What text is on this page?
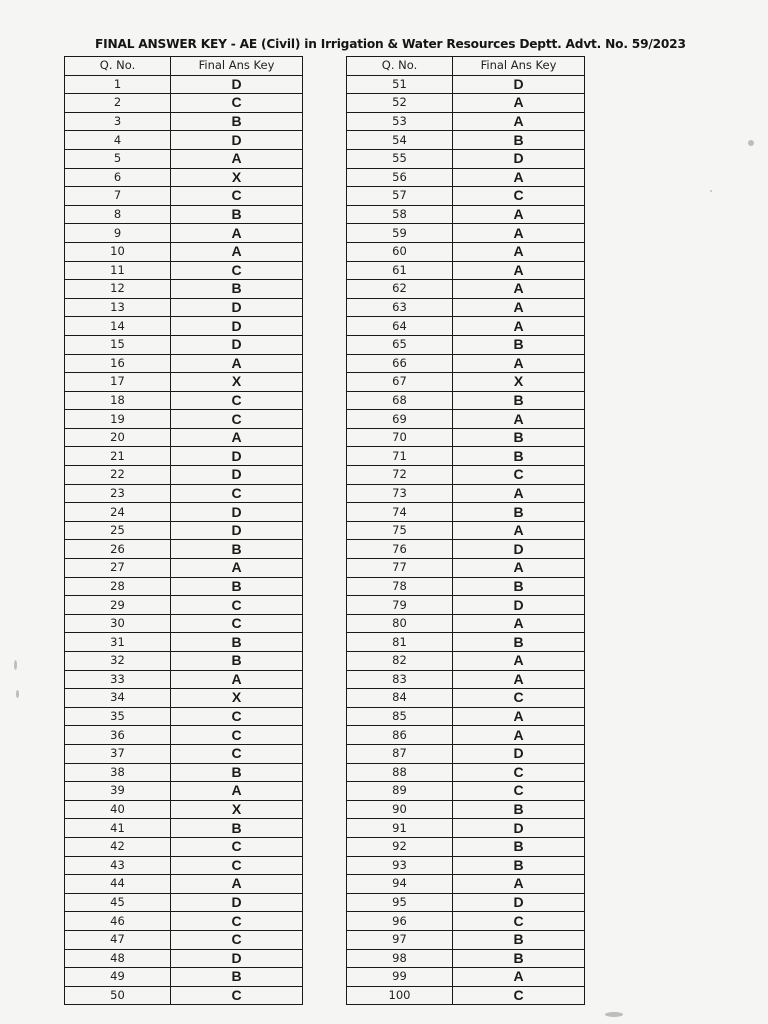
FINAL ANSWER KEY - AE (Civil) in Irrigation & Water Resources Deptt. Advt. No. 59/2023
Q. No.	Final Ans Key
1	D
2	C
3	B
4	D
5	A
6	X
7	C
8	B
9	A
10	A
11	C
12	B
13	D
14	D
15	D
16	A
17	X
18	C
19	C
20	A
21	D
22	D
23	C
24	D
25	D
26	B
27	A
28	B
29	C
30	C
31	B
32	B
33	A
34	X
35	C
36	C
37	C
38	B
39	A
40	X
41	B
42	C
43	C
44	A
45	D
46	C
47	C
48	D
49	B
50	C
Q. No.	Final Ans Key
51	D
52	A
53	A
54	B
55	D
56	A
57	C
58	A
59	A
60	A
61	A
62	A
63	A
64	A
65	B
66	A
67	X
68	B
69	A
70	B
71	B
72	C
73	A
74	B
75	A
76	D
77	A
78	B
79	D
80	A
81	B
82	A
83	A
84	C
85	A
86	A
87	D
88	C
89	C
90	B
91	D
92	B
93	B
94	A
95	D
96	C
97	B
98	B
99	A
100	C
